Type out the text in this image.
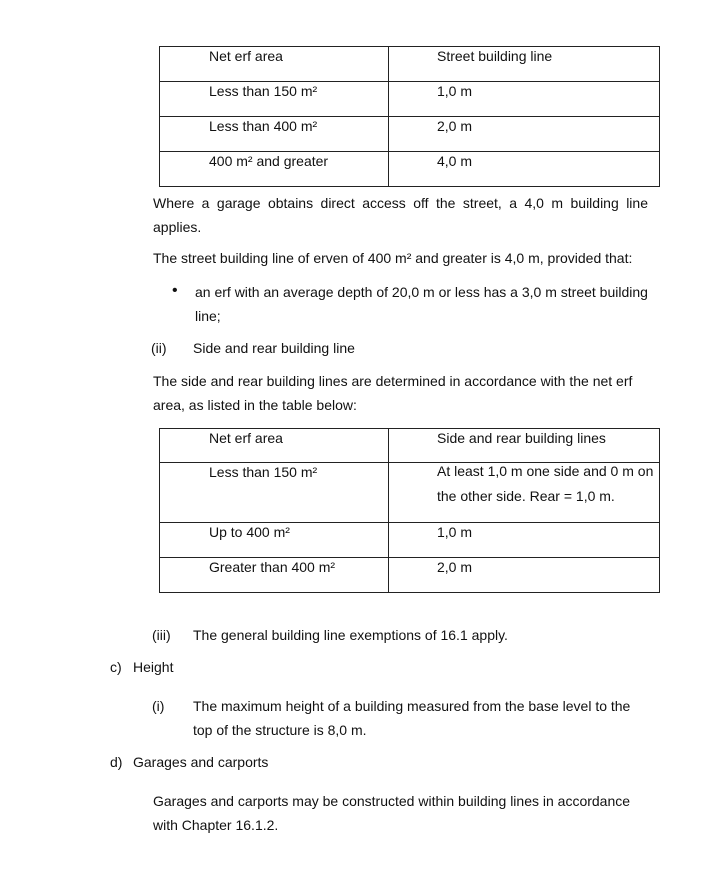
Net erf area	Street building line

Less than 150 m²	1,0 m

Less than 400 m²	2,0 m

400 m² and greater	4,0 m

Where a garage obtains direct access off the street, a 4,0 m building line applies.

The street building line of erven of 400 m² and greater is 4,0 m, provided that:

• an erf with an average depth of 20,0 m or less has a 3,0 m street building line;

(ii) Side and rear building line

The side and rear building lines are determined in accordance with the net erf area, as listed in the table below:

Net erf area	Side and rear building lines

Less than 150 m²	At least 1,0 m one side and 0 m on the other side. Rear = 1,0 m.

Up to 400 m²	1,0 m

Greater than 400 m²	2,0 m
(iii) The general building line exemptions of 16.1 apply.
c) Height
(i) The maximum height of a building measured from the base level to the top of the structure is 8,0 m.

d) Garages and carports

Garages and carports may be constructed within building lines in accordance with Chapter 16.1.2.
